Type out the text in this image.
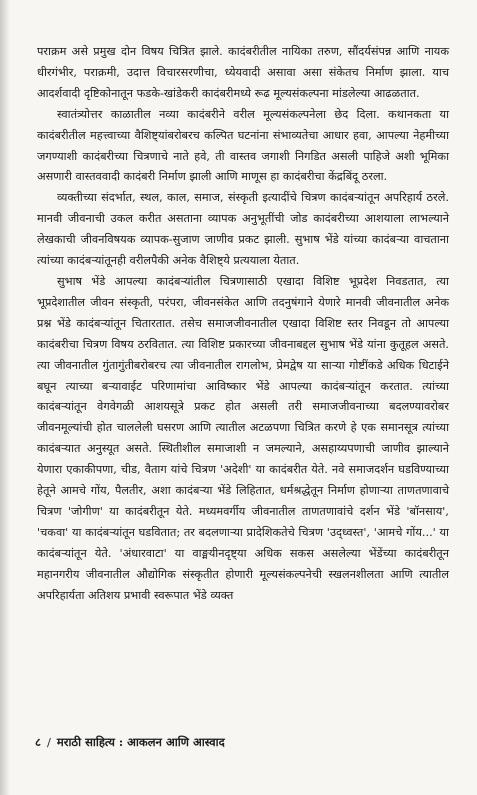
पराक्रम असे प्रमुख दोन विषय चित्रित झाले. कादंबरीतील नायिका तरुण, सौंदर्यसंपन्न आणि नायक धीरगंभीर, पराक्रमी, उदात्त विचारसरणीचा, ध्येयवादी असावा असा संकेतच निर्माण झाला. याच आदर्शवादी दृष्टिकोनातून फडके-खांडेकरी कादंबरीमध्ये रूढ मूल्यसंकल्पना मांडलेल्या आढळतात.

स्वातंत्र्योत्तर काळातील नव्या कादंबरीने वरील मूल्यसंकल्पनेला छेद दिला. कथानकता या कादंबरीतील महत्त्वाच्या वैशिष्ट्यांबरोबरच कल्पित घटनांना संभाव्यतेचा आधार हवा, आपल्या नेहमीच्या जगण्याशी कादंबरीच्या चित्रणाचे नाते हवे, ती वास्तव जगाशी निगडित असली पाहिजे अशी भूमिका असणारी वास्तववादी कादंबरी निर्माण झाली आणि माणूस हा कादंबरीचा केंद्रबिंदू ठरला.

व्यक्तीच्या संदर्भात, स्थल, काल, समाज, संस्कृती इत्यादींचे चित्रण कादंबऱ्यांतून अपरिहार्य ठरले. मानवी जीवनाची उकल करीत असताना व्यापक अनुभूतींची जोड कादंबरीच्या आशयाला लाभल्याने लेखकाची जीवनविषयक व्यापक-सुजाण जाणीव प्रकट झाली. सुभाष भेंडे यांच्या कादंबऱ्या वाचताना त्यांच्या कादंबऱ्यांतूनही वरीलपैकी अनेक वैशिष्ट्ये प्रत्ययाला येतात.

सुभाष भेंडे आपल्या कादंबऱ्यांतील चित्रणासाठी एखादा विशिष्ट भूप्रदेश निवडतात, त्या भूप्रदेशातील जीवन संस्कृती, परंपरा, जीवनसंकेत आणि तदनुषंगाने येणारे मानवी जीवनातील अनेक प्रश्न भेंडे कादंबऱ्यांतून चितारतात. तसेच समाजजीवनातील एखादा विशिष्ट स्तर निवडून तो आपल्या कादंबरीचा चित्रण विषय ठरवितात. त्या विशिष्ट प्रकारच्या जीवनाबद्दल सुभाष भेंडे यांना कुतूहल असते. त्या जीवनातील गुंतागुंतीबरोबरच त्या जीवनातील रागलोभ, प्रेमद्वेष या साऱ्या गोष्टींकडे अधिक धिटाईने बघून त्याच्या बऱ्यावाईट परिणामांचा आविष्कार भेंडे आपल्या कादंबऱ्यांतून करतात. त्यांच्या कादंबऱ्यांतून वेगवेगळी आशयसूत्रे प्रकट होत असली तरी समाजजीवनाच्या बदलण्यावरोबर जीवनमूल्यांची होत चाललेली घसरण आणि त्यातील अटळपणा चित्रित करणे हे एक समानसूत्र त्यांच्या कादंबऱ्यात अनुस्यूत असते. स्थितीशील समाजाशी न जमल्याने, असहाय्यपणाची जाणीव झाल्याने येणारा एकाकीपणा, चीड, वैताग यांचे चित्रण 'अदेशी' या कादंबरीत येते. नवे समाजदर्शन घडविण्याच्या हेतूने आमचे गोंय, पैलतीर, अशा कादंबऱ्या भेंडे लिहितात, धर्मश्रद्धेतून निर्माण होणाऱ्या ताणतणावाचे चित्रण 'जोगीण' या कादंबरीतून येते. मध्यमवर्गीय जीवनातील ताणतणावांचे दर्शन भेंडे 'बॉनसाय', 'चकवा' या कादंबऱ्यांतून घडवितात; तर बदलणाऱ्या प्रादेशिकतेचे चित्रण 'उद्ध्वस्त', 'आमचे गोंय...' या कादंबऱ्यांतून येते. 'अंधारवाटा' या वाङ्मयीनदृष्ट्या अधिक सकस असलेल्या भेंडेंच्या कादंबरीतून महानगरीय जीवनातील औद्योगिक संस्कृतीत होणारी मूल्यसंकल्पनेची स्खलनशीलता आणि त्यातील अपरिहार्यता अतिशय प्रभावी स्वरूपात भेंडे व्यक्त

८ / मराठी साहित्य : आकलन आणि आस्वाद
